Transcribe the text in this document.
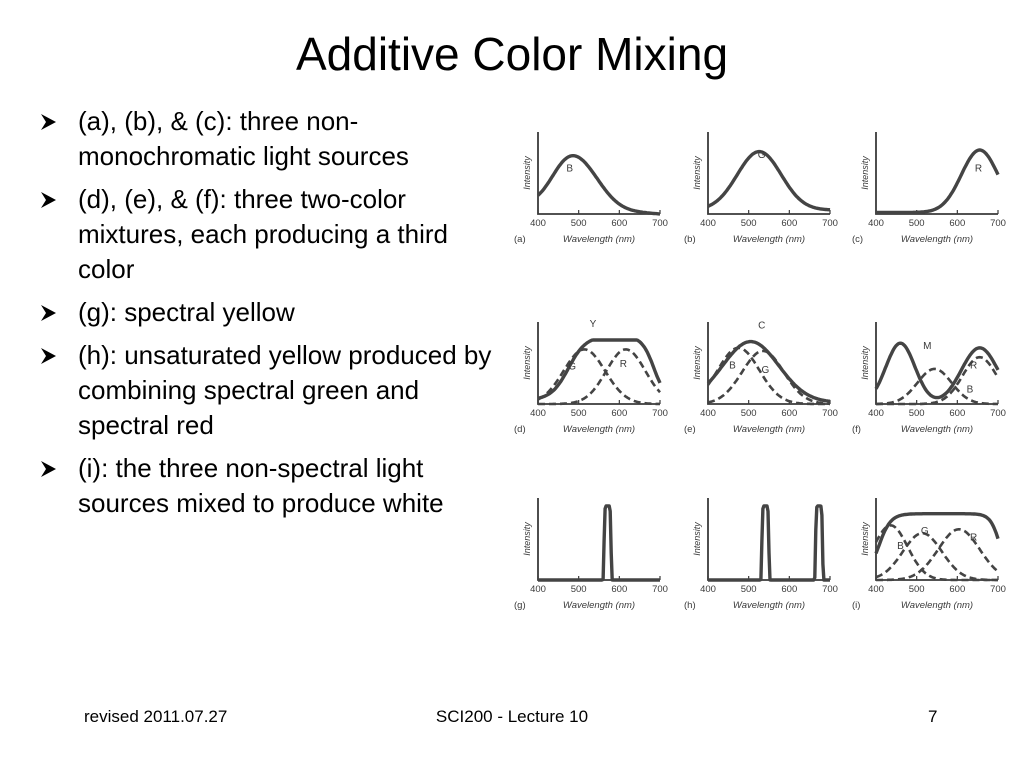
Additive Color Mixing
(a), (b), & (c): three non-monochromatic light sources
(d), (e), & (f): three two-color mixtures, each producing a third color
(g): spectral yellow
(h): unsaturated yellow produced by combining spectral green and spectral red
(i): the three non-spectral light sources mixed to produce white
Intensity
400	500	600	700
(a)	Wavelength (nm)
B	Intensity
400	500	600	700
(b)	Wavelength (nm)
G
Intensity
400	500	600	700
(c)	Wavelength (nm)
R
Intensity
400	500	600	700
(d)	Wavelength (nm)
Y
G	R	Intensity
400	500	600	700
(e)	Wavelength (nm)
C
B	G	Intensity
400	500	600	700
(f)	Wavelength (nm)
M
R
B
Intensity
400	500	600	700
(g)	Wavelength (nm)
Intensity
400	500	600	700
(h)	Wavelength (nm)
Intensity
400	500	600	700
(i)	Wavelength (nm)
B
G
R
revised 2011.07.27	SCI200 - Lecture 10	7
